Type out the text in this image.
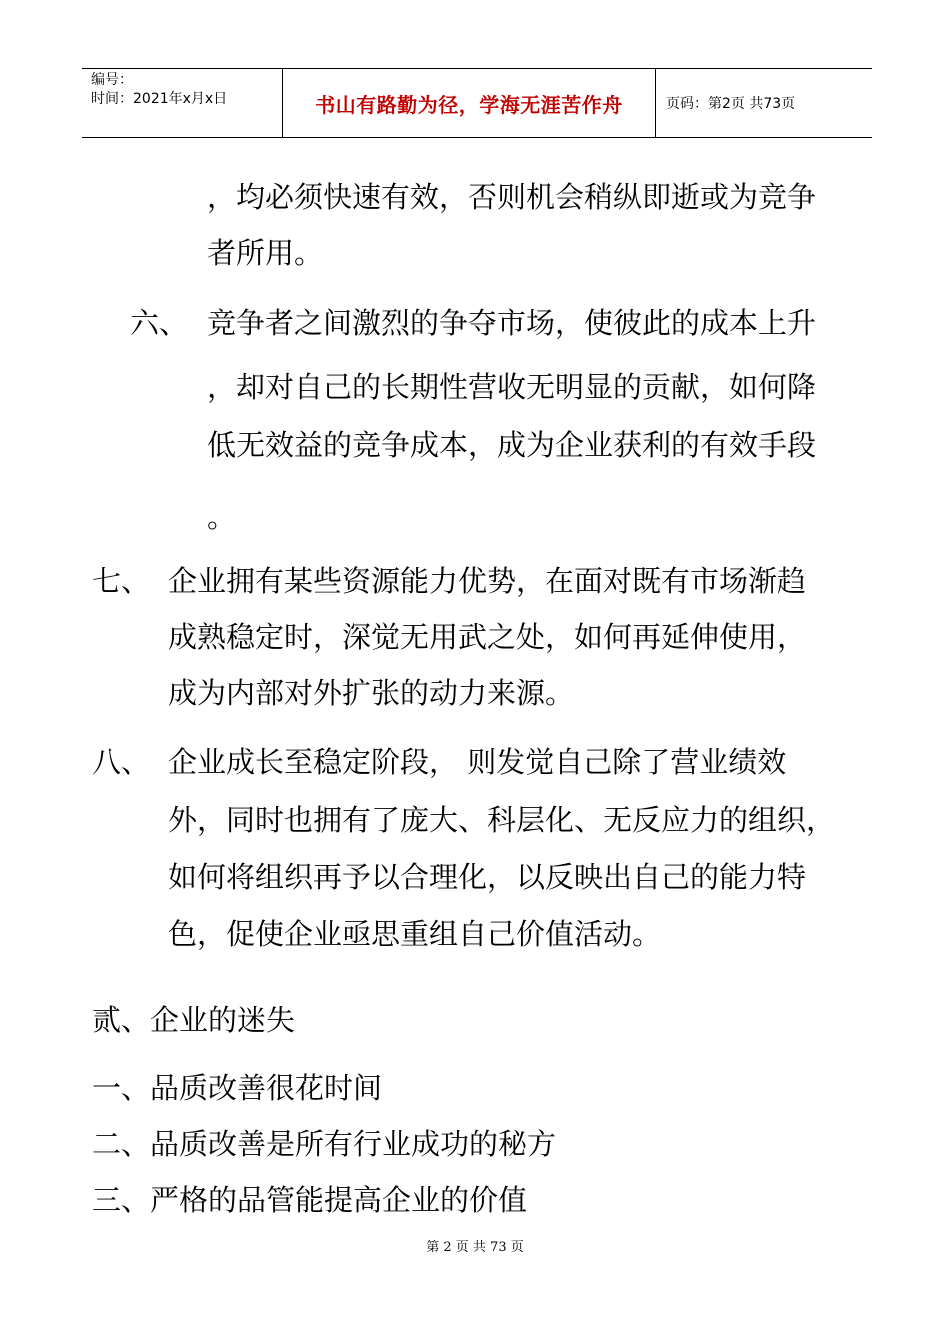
编号：
时间：2021年x月x日	书山有路勤为径，学海无涯苦作舟	页码：第2页 共73页
，均必须快速有效，否则机会稍纵即逝或为竞争
者所用。
六、 竞争者之间激烈的争夺市场，使彼此的成本上升
，却对自己的长期性营收无明显的贡献，如何降
低无效益的竞争成本，成为企业获利的有效手段
。
七、 企业拥有某些资源能力优势，在面对既有市场渐趋
成熟稳定时，深觉无用武之处，如何再延伸使用，
成为内部对外扩张的动力来源。
八、 企业成长至稳定阶段， 则发觉自己除了营业绩效
外，同时也拥有了庞大、科层化、无反应力的组织，
如何将组织再予以合理化，以反映出自己的能力特
色，促使企业亟思重组自己价值活动。
贰、企业的迷失
一、品质改善很花时间
二、品质改善是所有行业成功的秘方
三、严格的品管能提高企业的价值
第 2 页 共 73 页
